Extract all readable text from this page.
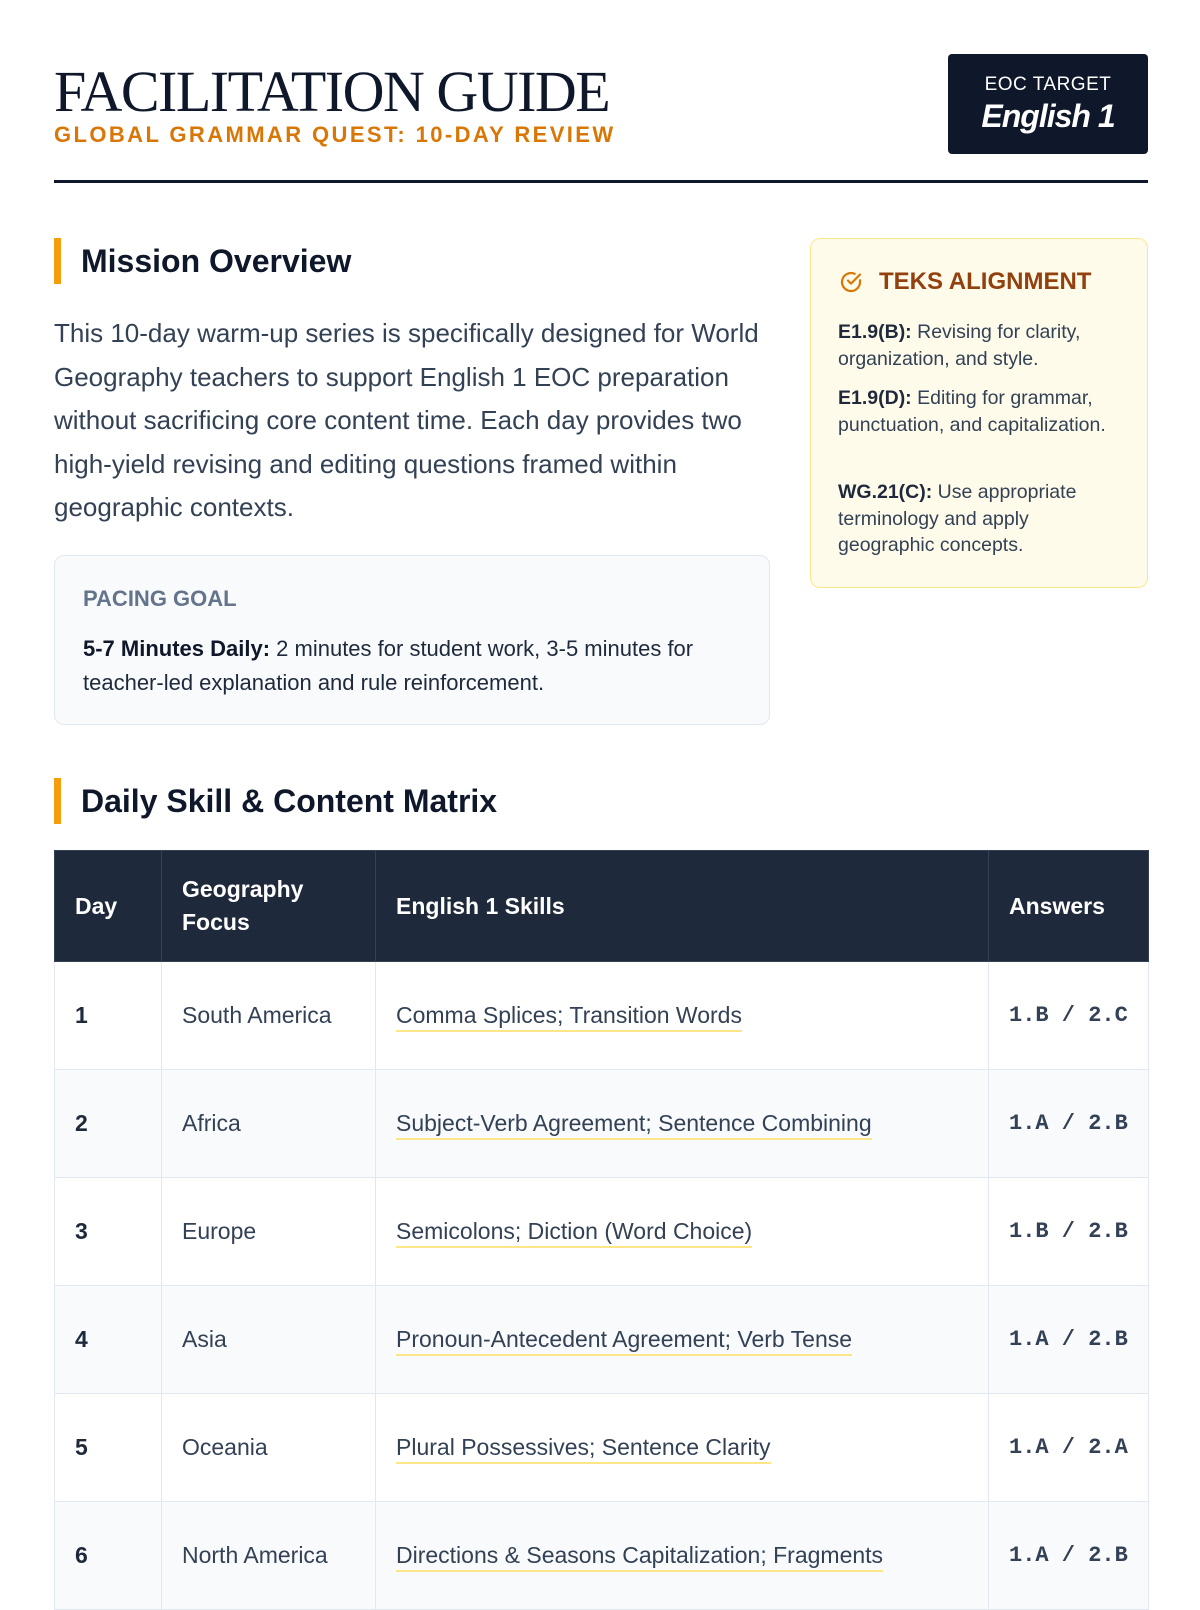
FACILITATION GUIDE
GLOBAL GRAMMAR QUEST: 10-DAY REVIEW
EOC TARGET
English 1
Mission Overview
This 10-day warm-up series is specifically designed for World Geography teachers to support English 1 EOC preparation without sacrificing core content time. Each day provides two high-yield revising and editing questions framed within geographic contexts.
PACING GOAL
5-7 Minutes Daily: 2 minutes for student work, 3-5 minutes for teacher-led explanation and rule reinforcement.
TEKS ALIGNMENT
E1.9(B): Revising for clarity, organization, and style.
E1.9(D): Editing for grammar, punctuation, and capitalization.
WG.21(C): Use appropriate terminology and apply geographic concepts.
Daily Skill & Content Matrix
Day	Geography Focus	English 1 Skills	Answers
1	South America	Comma Splices; Transition Words	1.B / 2.C
2	Africa	Subject-Verb Agreement; Sentence Combining	1.A / 2.B
3	Europe	Semicolons; Diction (Word Choice)	1.B / 2.B
4	Asia	Pronoun-Antecedent Agreement; Verb Tense	1.A / 2.B
5	Oceania	Plural Possessives; Sentence Clarity	1.A / 2.A
6	North America	Directions & Seasons Capitalization; Fragments	1.A / 2.B
